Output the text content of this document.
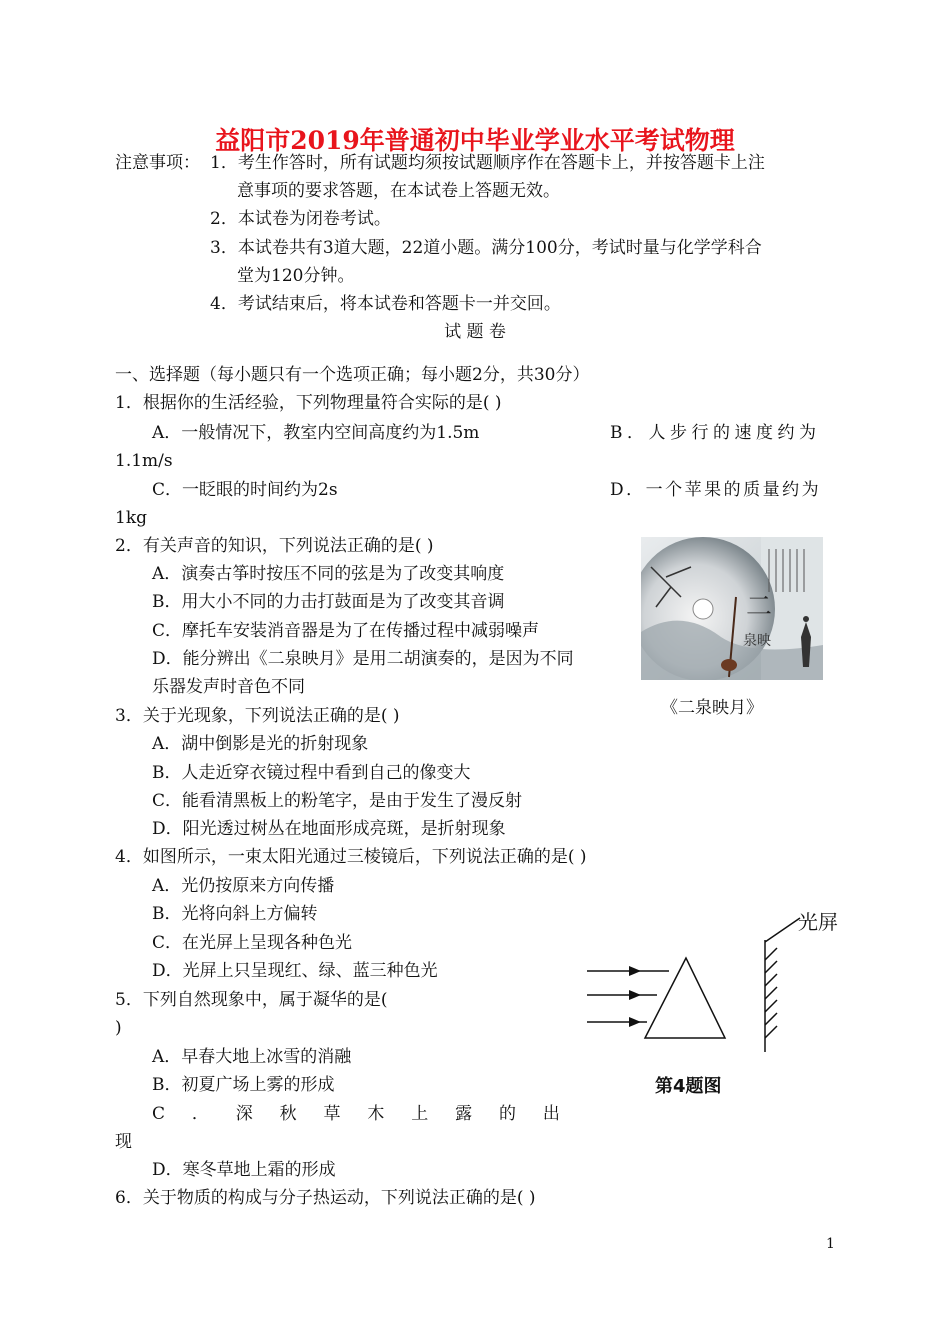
益阳市2019年普通初中毕业学业水平考试物理
注意事项： 1．考生作答时，所有试题均须按试题顺序作在答题卡上，并按答题卡上注
意事项的要求答题，在本试卷上答题无效。
2．本试卷为闭卷考试。
3．本试卷共有3道大题，22道小题。满分100分，考试时量与化学学科合
堂为120分钟。
4．考试结束后，将本试卷和答题卡一并交回。
试 题 卷
一、选择题（每小题只有一个选项正确；每小题2分，共30分）
1．根据你的生活经验，下列物理量符合实际的是( )
A．一般情况下，教室内空间高度约为1.5m	B．人步行的速度约为
1.1m/s
C．一眨眼的时间约为2s	D．一个苹果的质量约为
1kg
2．有关声音的知识，下列说法正确的是( )
A．演奏古筝时按压不同的弦是为了改变其响度
B．用大小不同的力击打鼓面是为了改变其音调
C．摩托车安装消音器是为了在传播过程中减弱噪声
D．能分辨出《二泉映月》是用二胡演奏的，是因为不同
乐器发声时音色不同
二
泉映
《二泉映月》
3．关于光现象，下列说法正确的是( )
A．湖中倒影是光的折射现象
B．人走近穿衣镜过程中看到自己的像变大
C．能看清黑板上的粉笔字，是由于发生了漫反射
D．阳光透过树丛在地面形成亮斑，是折射现象
4．如图所示，一束太阳光通过三棱镜后，下列说法正确的是( )
A．光仍按原来方向传播
B．光将向斜上方偏转
C．在光屏上呈现各种色光
D．光屏上只呈现红、绿、蓝三种色光
光屏
第4题图
5．下列自然现象中，属于凝华的是(
)
A．早春大地上冰雪的消融
B．初夏广场上雾的形成
C ． 深 秋 草 木 上 露 的 出
现
D．寒冬草地上霜的形成
6．关于物质的构成与分子热运动，下列说法正确的是( )
1
